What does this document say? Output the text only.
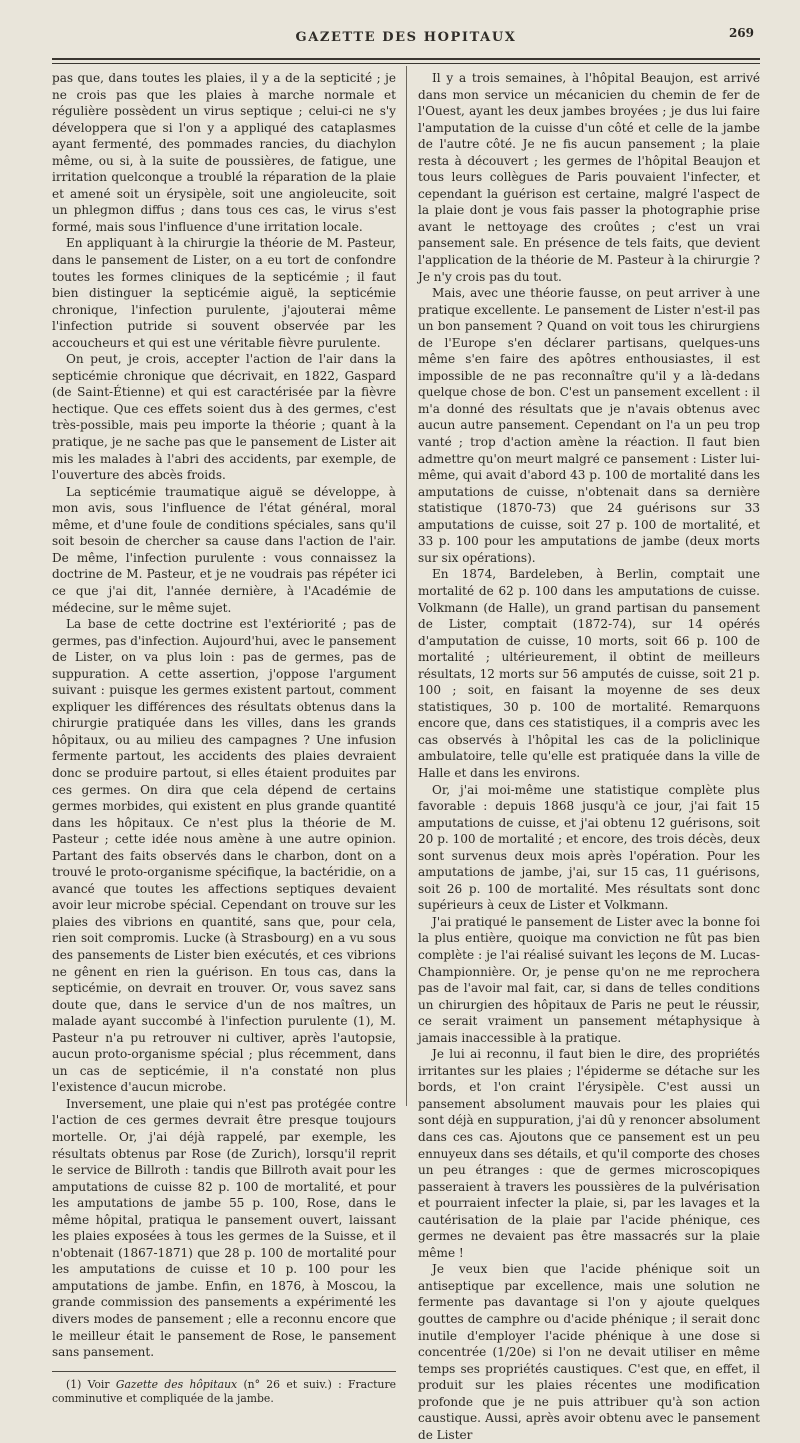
GAZETTE DES HOPITAUX	269

pas que, dans toutes les plaies, il y a de la septicité ; je ne crois pas que les plaies à marche normale et régulière possèdent un virus septique ; celui-ci ne s'y développera que si l'on y a appliqué des cataplasmes ayant fermenté, des pommades rancies, du diachylon même, ou si, à la suite de poussières, de fatigue, une irritation quelconque a troublé la réparation de la plaie et amené soit un érysipèle, soit une angioleucite, soit un phlegmon diffus ; dans tous ces cas, le virus s'est formé, mais sous l'influence d'une irritation locale.

En appliquant à la chirurgie la théorie de M. Pasteur, dans le pansement de Lister, on a eu tort de confondre toutes les formes cliniques de la septicémie ; il faut bien distinguer la septicémie aiguë, la septicémie chronique, l'infection purulente, j'ajouterai même l'infection putride si souvent observée par les accoucheurs et qui est une véritable fièvre purulente.

On peut, je crois, accepter l'action de l'air dans la septicémie chronique que décrivait, en 1822, Gaspard (de Saint-Étienne) et qui est caractérisée par la fièvre hectique. Que ces effets soient dus à des germes, c'est très-possible, mais peu importe la théorie ; quant à la pratique, je ne sache pas que le pansement de Lister ait mis les malades à l'abri des accidents, par exemple, de l'ouverture des abcès froids.

La septicémie traumatique aiguë se développe, à mon avis, sous l'influence de l'état général, moral même, et d'une foule de conditions spéciales, sans qu'il soit besoin de chercher sa cause dans l'action de l'air. De même, l'infection purulente : vous connaissez la doctrine de M. Pasteur, et je ne voudrais pas répéter ici ce que j'ai dit, l'année dernière, à l'Académie de médecine, sur le même sujet.

La base de cette doctrine est l'extériorité ; pas de germes, pas d'infection. Aujourd'hui, avec le pansement de Lister, on va plus loin : pas de germes, pas de suppuration. A cette assertion, j'oppose l'argument suivant : puisque les germes existent partout, comment expliquer les différences des résultats obtenus dans la chirurgie pratiquée dans les villes, dans les grands hôpitaux, ou au milieu des campagnes ? Une infusion fermente partout, les accidents des plaies devraient donc se produire partout, si elles étaient produites par ces germes. On dira que cela dépend de certains germes morbides, qui existent en plus grande quantité dans les hôpitaux. Ce n'est plus la théorie de M. Pasteur ; cette idée nous amène à une autre opinion. Partant des faits observés dans le charbon, dont on a trouvé le proto-organisme spécifique, la bactéridie, on a avancé que toutes les affections septiques devaient avoir leur microbe spécial. Cependant on trouve sur les plaies des vibrions en quantité, sans que, pour cela, rien soit compromis. Lucke (à Strasbourg) en a vu sous des pansements de Lister bien exécutés, et ces vibrions ne gênent en rien la guérison. En tous cas, dans la septicémie, on devrait en trouver. Or, vous savez sans doute que, dans le service d'un de nos maîtres, un malade ayant succombé à l'infection purulente (1), M. Pasteur n'a pu retrouver ni cultiver, après l'autopsie, aucun proto-organisme spécial ; plus récemment, dans un cas de septicémie, il n'a constaté non plus l'existence d'aucun microbe.

Inversement, une plaie qui n'est pas protégée contre l'action de ces germes devrait être presque toujours mortelle. Or, j'ai déjà rappelé, par exemple, les résultats obtenus par Rose (de Zurich), lorsqu'il reprit le service de Billroth : tandis que Billroth avait pour les amputations de cuisse 82 p. 100 de mortalité, et pour les amputations de jambe 55 p. 100, Rose, dans le même hôpital, pratiqua le pansement ouvert, laissant les plaies exposées à tous les germes de la Suisse, et il n'obtenait (1867-1871) que 28 p. 100 de mortalité pour les amputations de cuisse et 10 p. 100 pour les amputations de jambe. Enfin, en 1876, à Moscou, la grande commission des pansements a expérimenté les divers modes de pansement ; elle a reconnu encore que le meilleur était le pansement de Rose, le pansement sans pansement.

(1) Voir Gazette des hôpitaux (n° 26 et suiv.) : Fracture comminutive et compliquée de la jambe.

Il y a trois semaines, à l'hôpital Beaujon, est arrivé dans mon service un mécanicien du chemin de fer de l'Ouest, ayant les deux jambes broyées ; je dus lui faire l'amputation de la cuisse d'un côté et celle de la jambe de l'autre côté. Je ne fis aucun pansement ; la plaie resta à découvert ; les germes de l'hôpital Beaujon et tous leurs collègues de Paris pouvaient l'infecter, et cependant la guérison est certaine, malgré l'aspect de la plaie dont je vous fais passer la photographie prise avant le nettoyage des croûtes ; c'est un vrai pansement sale. En présence de tels faits, que devient l'application de la théorie de M. Pasteur à la chirurgie ? Je n'y crois pas du tout.

Mais, avec une théorie fausse, on peut arriver à une pratique excellente. Le pansement de Lister n'est-il pas un bon pansement ? Quand on voit tous les chirurgiens de l'Europe s'en déclarer partisans, quelques-uns même s'en faire des apôtres enthousiastes, il est impossible de ne pas reconnaître qu'il y a là-dedans quelque chose de bon. C'est un pansement excellent : il m'a donné des résultats que je n'avais obtenus avec aucun autre pansement. Cependant on l'a un peu trop vanté ; trop d'action amène la réaction. Il faut bien admettre qu'on meurt malgré ce pansement : Lister lui-même, qui avait d'abord 43 p. 100 de mortalité dans les amputations de cuisse, n'obtenait dans sa dernière statistique (1870-73) que 24 guérisons sur 33 amputations de cuisse, soit 27 p. 100 de mortalité, et 33 p. 100 pour les amputations de jambe (deux morts sur six opérations).

En 1874, Bardeleben, à Berlin, comptait une mortalité de 62 p. 100 dans les amputations de cuisse. Volkmann (de Halle), un grand partisan du pansement de Lister, comptait (1872-74), sur 14 opérés d'amputation de cuisse, 10 morts, soit 66 p. 100 de mortalité ; ultérieurement, il obtint de meilleurs résultats, 12 morts sur 56 amputés de cuisse, soit 21 p. 100 ; soit, en faisant la moyenne de ses deux statistiques, 30 p. 100 de mortalité. Remarquons encore que, dans ces statistiques, il a compris avec les cas observés à l'hôpital les cas de la policlinique ambulatoire, telle qu'elle est pratiquée dans la ville de Halle et dans les environs.

Or, j'ai moi-même une statistique complète plus favorable : depuis 1868 jusqu'à ce jour, j'ai fait 15 amputations de cuisse, et j'ai obtenu 12 guérisons, soit 20 p. 100 de mortalité ; et encore, des trois décès, deux sont survenus deux mois après l'opération. Pour les amputations de jambe, j'ai, sur 15 cas, 11 guérisons, soit 26 p. 100 de mortalité. Mes résultats sont donc supérieurs à ceux de Lister et Volkmann.

J'ai pratiqué le pansement de Lister avec la bonne foi la plus entière, quoique ma conviction ne fût pas bien complète : je l'ai réalisé suivant les leçons de M. Lucas-Championnière. Or, je pense qu'on ne me reprochera pas de l'avoir mal fait, car, si dans de telles conditions un chirurgien des hôpitaux de Paris ne peut le réussir, ce serait vraiment un pansement métaphysique à jamais inaccessible à la pratique.

Je lui ai reconnu, il faut bien le dire, des propriétés irritantes sur les plaies ; l'épiderme se détache sur les bords, et l'on craint l'érysipèle. C'est aussi un pansement absolument mauvais pour les plaies qui sont déjà en suppuration, j'ai dû y renoncer absolument dans ces cas. Ajoutons que ce pansement est un peu ennuyeux dans ses détails, et qu'il comporte des choses un peu étranges : que de germes microscopiques passeraient à travers les poussières de la pulvérisation et pourraient infecter la plaie, si, par les lavages et la cautérisation de la plaie par l'acide phénique, ces germes ne devaient pas être massacrés sur la plaie même !

Je veux bien que l'acide phénique soit un antiseptique par excellence, mais une solution ne fermente pas davantage si l'on y ajoute quelques gouttes de camphre ou d'acide phénique ; il serait donc inutile d'employer l'acide phénique à une dose si concentrée (1/20e) si l'on ne devait utiliser en même temps ses propriétés caustiques. C'est que, en effet, il produit sur les plaies récentes une modification profonde que je ne puis attribuer qu'à son action caustique. Aussi, après avoir obtenu avec le pansement de Lister
